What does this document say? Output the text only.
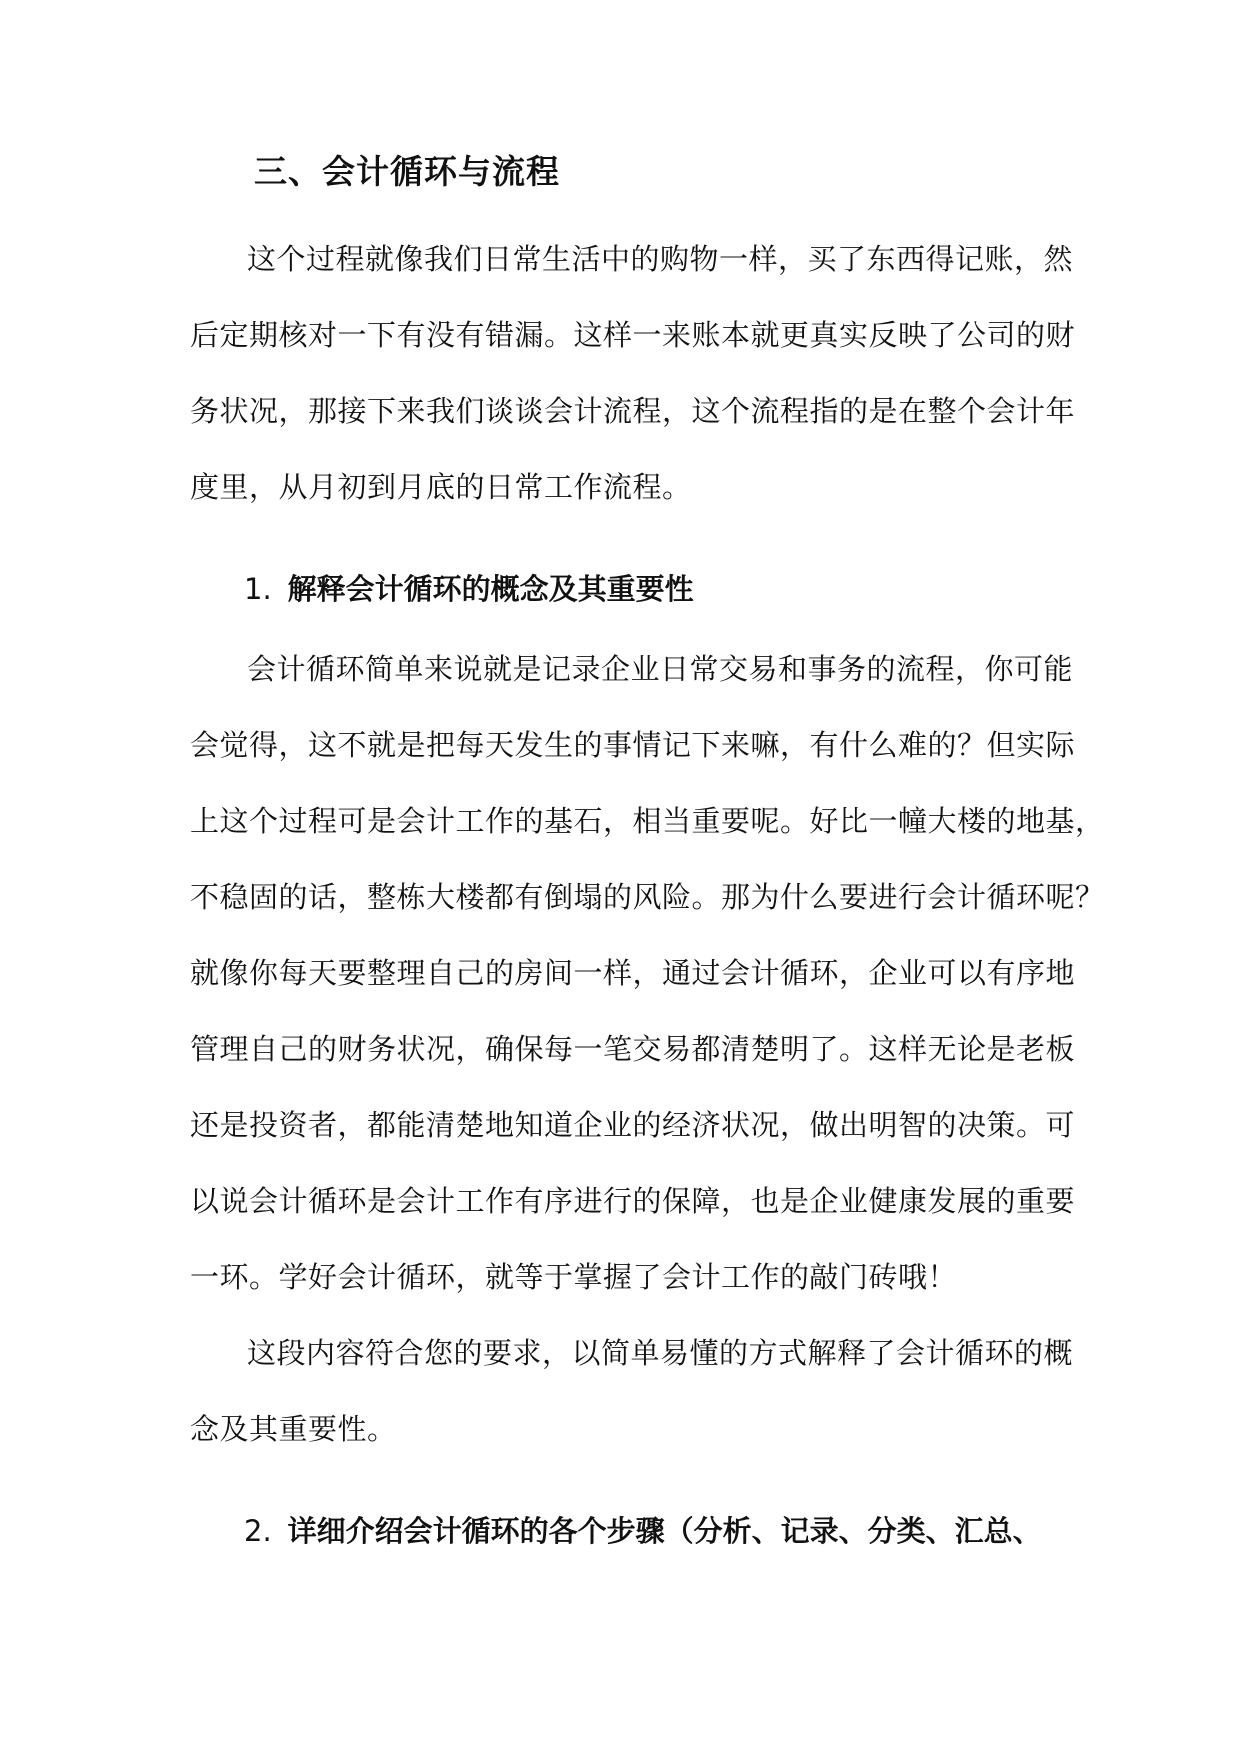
三、会计循环与流程
这个过程就像我们日常生活中的购物一样，买了东西得记账，然
后定期核对一下有没有错漏。这样一来账本就更真实反映了公司的财
务状况，那接下来我们谈谈会计流程，这个流程指的是在整个会计年
度里，从月初到月底的日常工作流程。
1. 解释会计循环的概念及其重要性
会计循环简单来说就是记录企业日常交易和事务的流程，你可能
会觉得，这不就是把每天发生的事情记下来嘛，有什么难的？但实际
上这个过程可是会计工作的基石，相当重要呢。好比一幢大楼的地基，
不稳固的话，整栋大楼都有倒塌的风险。那为什么要进行会计循环呢？
就像你每天要整理自己的房间一样，通过会计循环，企业可以有序地
管理自己的财务状况，确保每一笔交易都清楚明了。这样无论是老板
还是投资者，都能清楚地知道企业的经济状况，做出明智的决策。可
以说会计循环是会计工作有序进行的保障，也是企业健康发展的重要
一环。学好会计循环，就等于掌握了会计工作的敲门砖哦！
这段内容符合您的要求，以简单易懂的方式解释了会计循环的概
念及其重要性。
2. 详细介绍会计循环的各个步骤（分析、记录、分类、汇总、
